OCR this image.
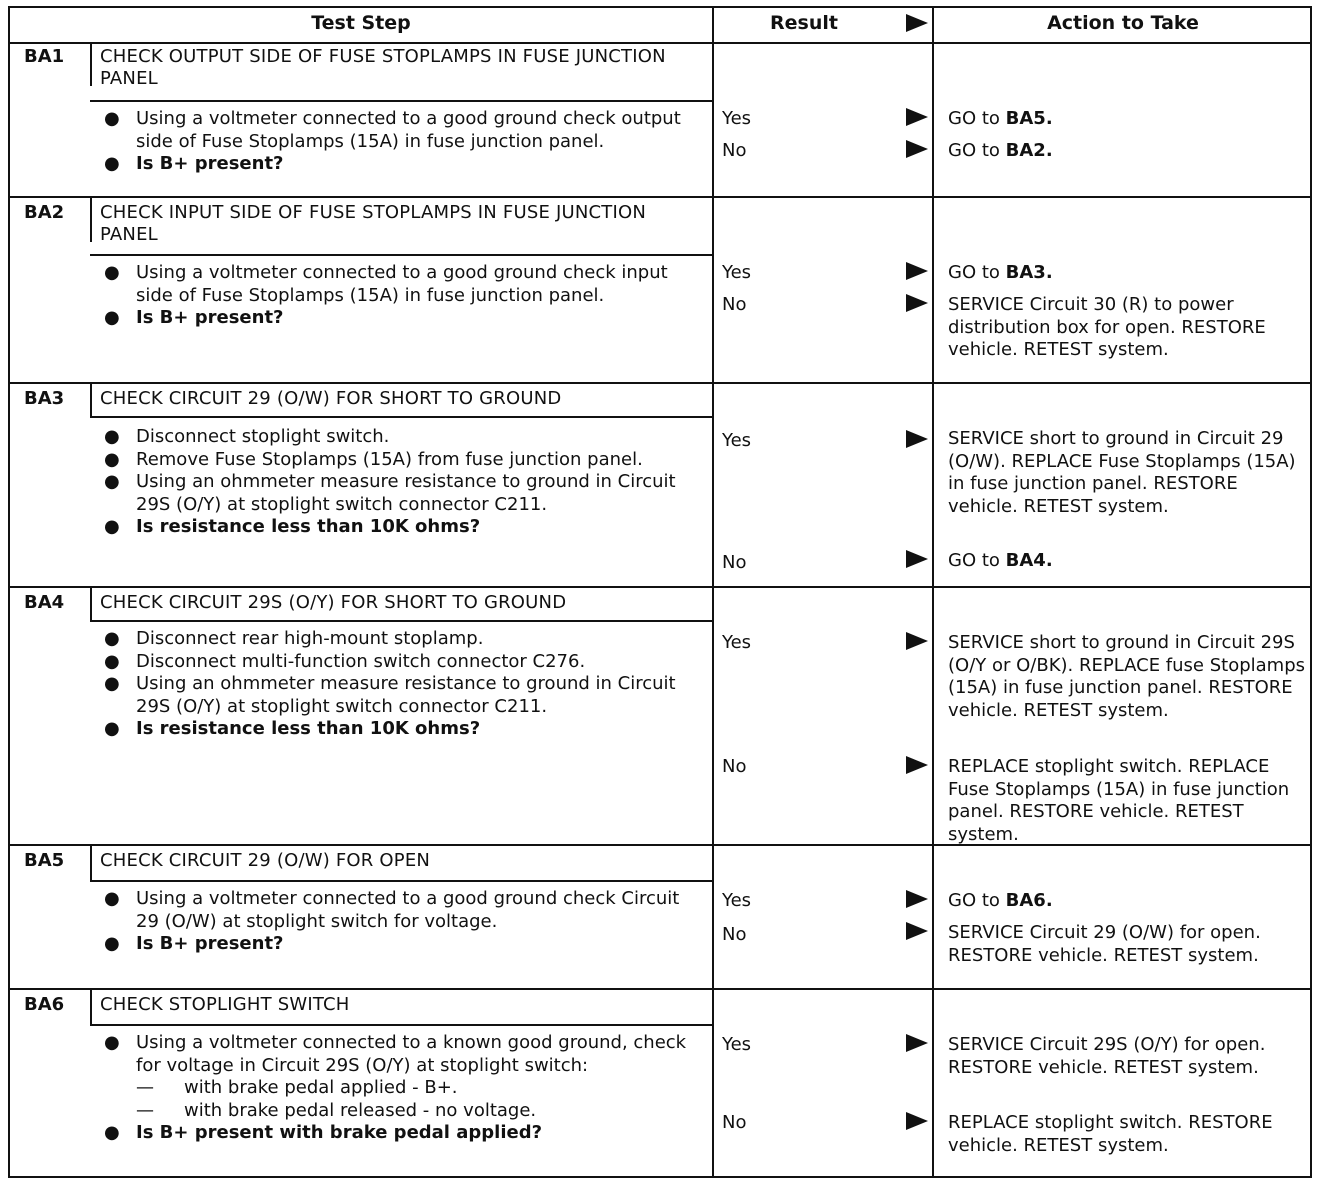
Test Step	Result	Action to Take
BA1	CHECK OUTPUT SIDE OF FUSE STOPLAMPS IN FUSE JUNCTION PANEL
● Using a voltmeter connected to a good ground check output side of Fuse Stoplamps (15A) in fuse junction panel.
● Is B+ present?
Yes	GO to BA5.
No	GO to BA2.
BA2	CHECK INPUT SIDE OF FUSE STOPLAMPS IN FUSE JUNCTION PANEL
● Using a voltmeter connected to a good ground check input side of Fuse Stoplamps (15A) in fuse junction panel.
● Is B+ present?
Yes	GO to BA3.
No	SERVICE Circuit 30 (R) to power distribution box for open. RESTORE vehicle. RETEST system.
BA3	CHECK CIRCUIT 29 (O/W) FOR SHORT TO GROUND
● Disconnect stoplight switch.
● Remove Fuse Stoplamps (15A) from fuse junction panel.
● Using an ohmmeter measure resistance to ground in Circuit 29S (O/Y) at stoplight switch connector C211.
● Is resistance less than 10K ohms?
Yes	SERVICE short to ground in Circuit 29 (O/W). REPLACE Fuse Stoplamps (15A) in fuse junction panel. RESTORE vehicle. RETEST system.
No	GO to BA4.
BA4	CHECK CIRCUIT 29S (O/Y) FOR SHORT TO GROUND
● Disconnect rear high-mount stoplamp.
● Disconnect multi-function switch connector C276.
● Using an ohmmeter measure resistance to ground in Circuit 29S (O/Y) at stoplight switch connector C211.
● Is resistance less than 10K ohms?
Yes	SERVICE short to ground in Circuit 29S (O/Y or O/BK). REPLACE fuse Stoplamps (15A) in fuse junction panel. RESTORE vehicle. RETEST system.
No	REPLACE stoplight switch. REPLACE Fuse Stoplamps (15A) in fuse junction panel. RESTORE vehicle. RETEST system.
BA5	CHECK CIRCUIT 29 (O/W) FOR OPEN
● Using a voltmeter connected to a good ground check Circuit 29 (O/W) at stoplight switch for voltage.
● Is B+ present?
Yes	GO to BA6.
No	SERVICE Circuit 29 (O/W) for open. RESTORE vehicle. RETEST system.
BA6	CHECK STOPLIGHT SWITCH
● Using a voltmeter connected to a known good ground, check for voltage in Circuit 29S (O/Y) at stoplight switch:
— with brake pedal applied - B+.
— with brake pedal released - no voltage.
● Is B+ present with brake pedal applied?
Yes	SERVICE Circuit 29S (O/Y) for open. RESTORE vehicle. RETEST system.
No	REPLACE stoplight switch. RESTORE vehicle. RETEST system.
